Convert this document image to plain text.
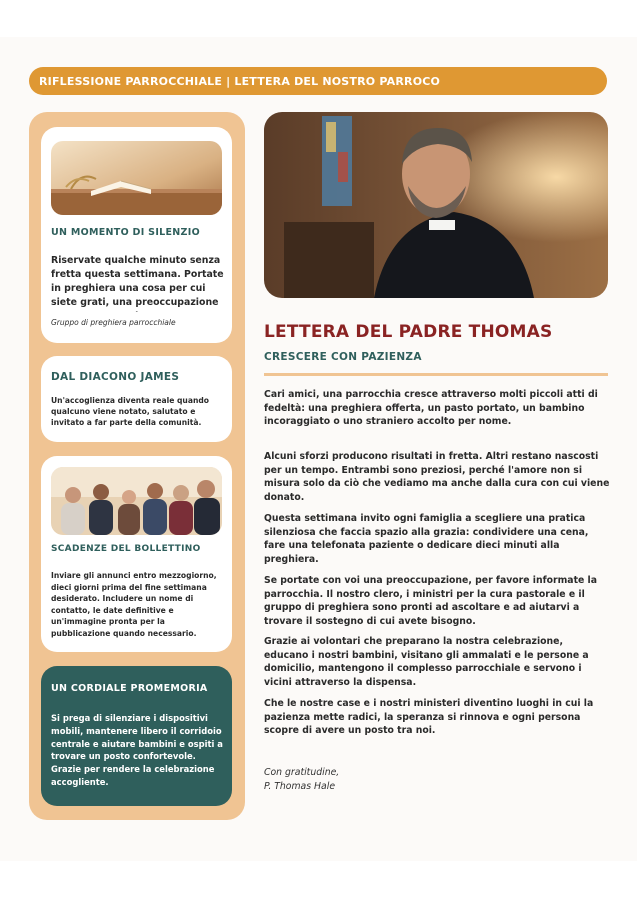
RIFLESSIONE PARROCCHIALE | LETTERA DEL NOSTRO PARROCO
UN MOMENTO DI SILENZIO

Riservate qualche minuto senza fretta questa settimana. Portate in preghiera una cosa per cui siete grati, una preoccupazione

Gruppo di preghiera parrocchiale

DAL DIACONO JAMES

Un'accoglienza diventa reale quando qualcuno viene notato, salutato e invitato a far parte della comunità.

SCADENZE DEL BOLLETTINO

Inviare gli annunci entro mezzogiorno, dieci giorni prima del fine settimana desiderato. Includere un nome di contatto, le date definitive e un'immagine pronta per la pubblicazione quando necessario.

UN CORDIALE PROMEMORIA

Si prega di silenziare i dispositivi mobili, mantenere libero il corridoio centrale e aiutare bambini e ospiti a trovare un posto confortevole. Grazie per rendere la celebrazione accogliente.

LETTERA DEL PADRE THOMAS
CRESCERE CON PAZIENZA

Cari amici, una parrocchia cresce attraverso molti piccoli atti di fedeltà: una preghiera offerta, un pasto portato, un bambino incoraggiato o uno straniero accolto per nome.

Alcuni sforzi producono risultati in fretta. Altri restano nascosti per un tempo. Entrambi sono preziosi, perché l'amore non si misura solo da ciò che vediamo ma anche dalla cura con cui viene donato.

Questa settimana invito ogni famiglia a scegliere una pratica silenziosa che faccia spazio alla grazia: condividere una cena, fare una telefonata paziente o dedicare dieci minuti alla preghiera.

Se portate con voi una preoccupazione, per favore informate la parrocchia. Il nostro clero, i ministri per la cura pastorale e il gruppo di preghiera sono pronti ad ascoltare e ad aiutarvi a trovare il sostegno di cui avete bisogno.

Grazie ai volontari che preparano la nostra celebrazione, educano i nostri bambini, visitano gli ammalati e le persone a domicilio, mantengono il complesso parrocchiale e servono i vicini attraverso la dispensa.

Che le nostre case e i nostri ministeri diventino luoghi in cui la pazienza mette radici, la speranza si rinnova e ogni persona scopre di avere un posto tra noi.

Con gratitudine,
P. Thomas Hale
